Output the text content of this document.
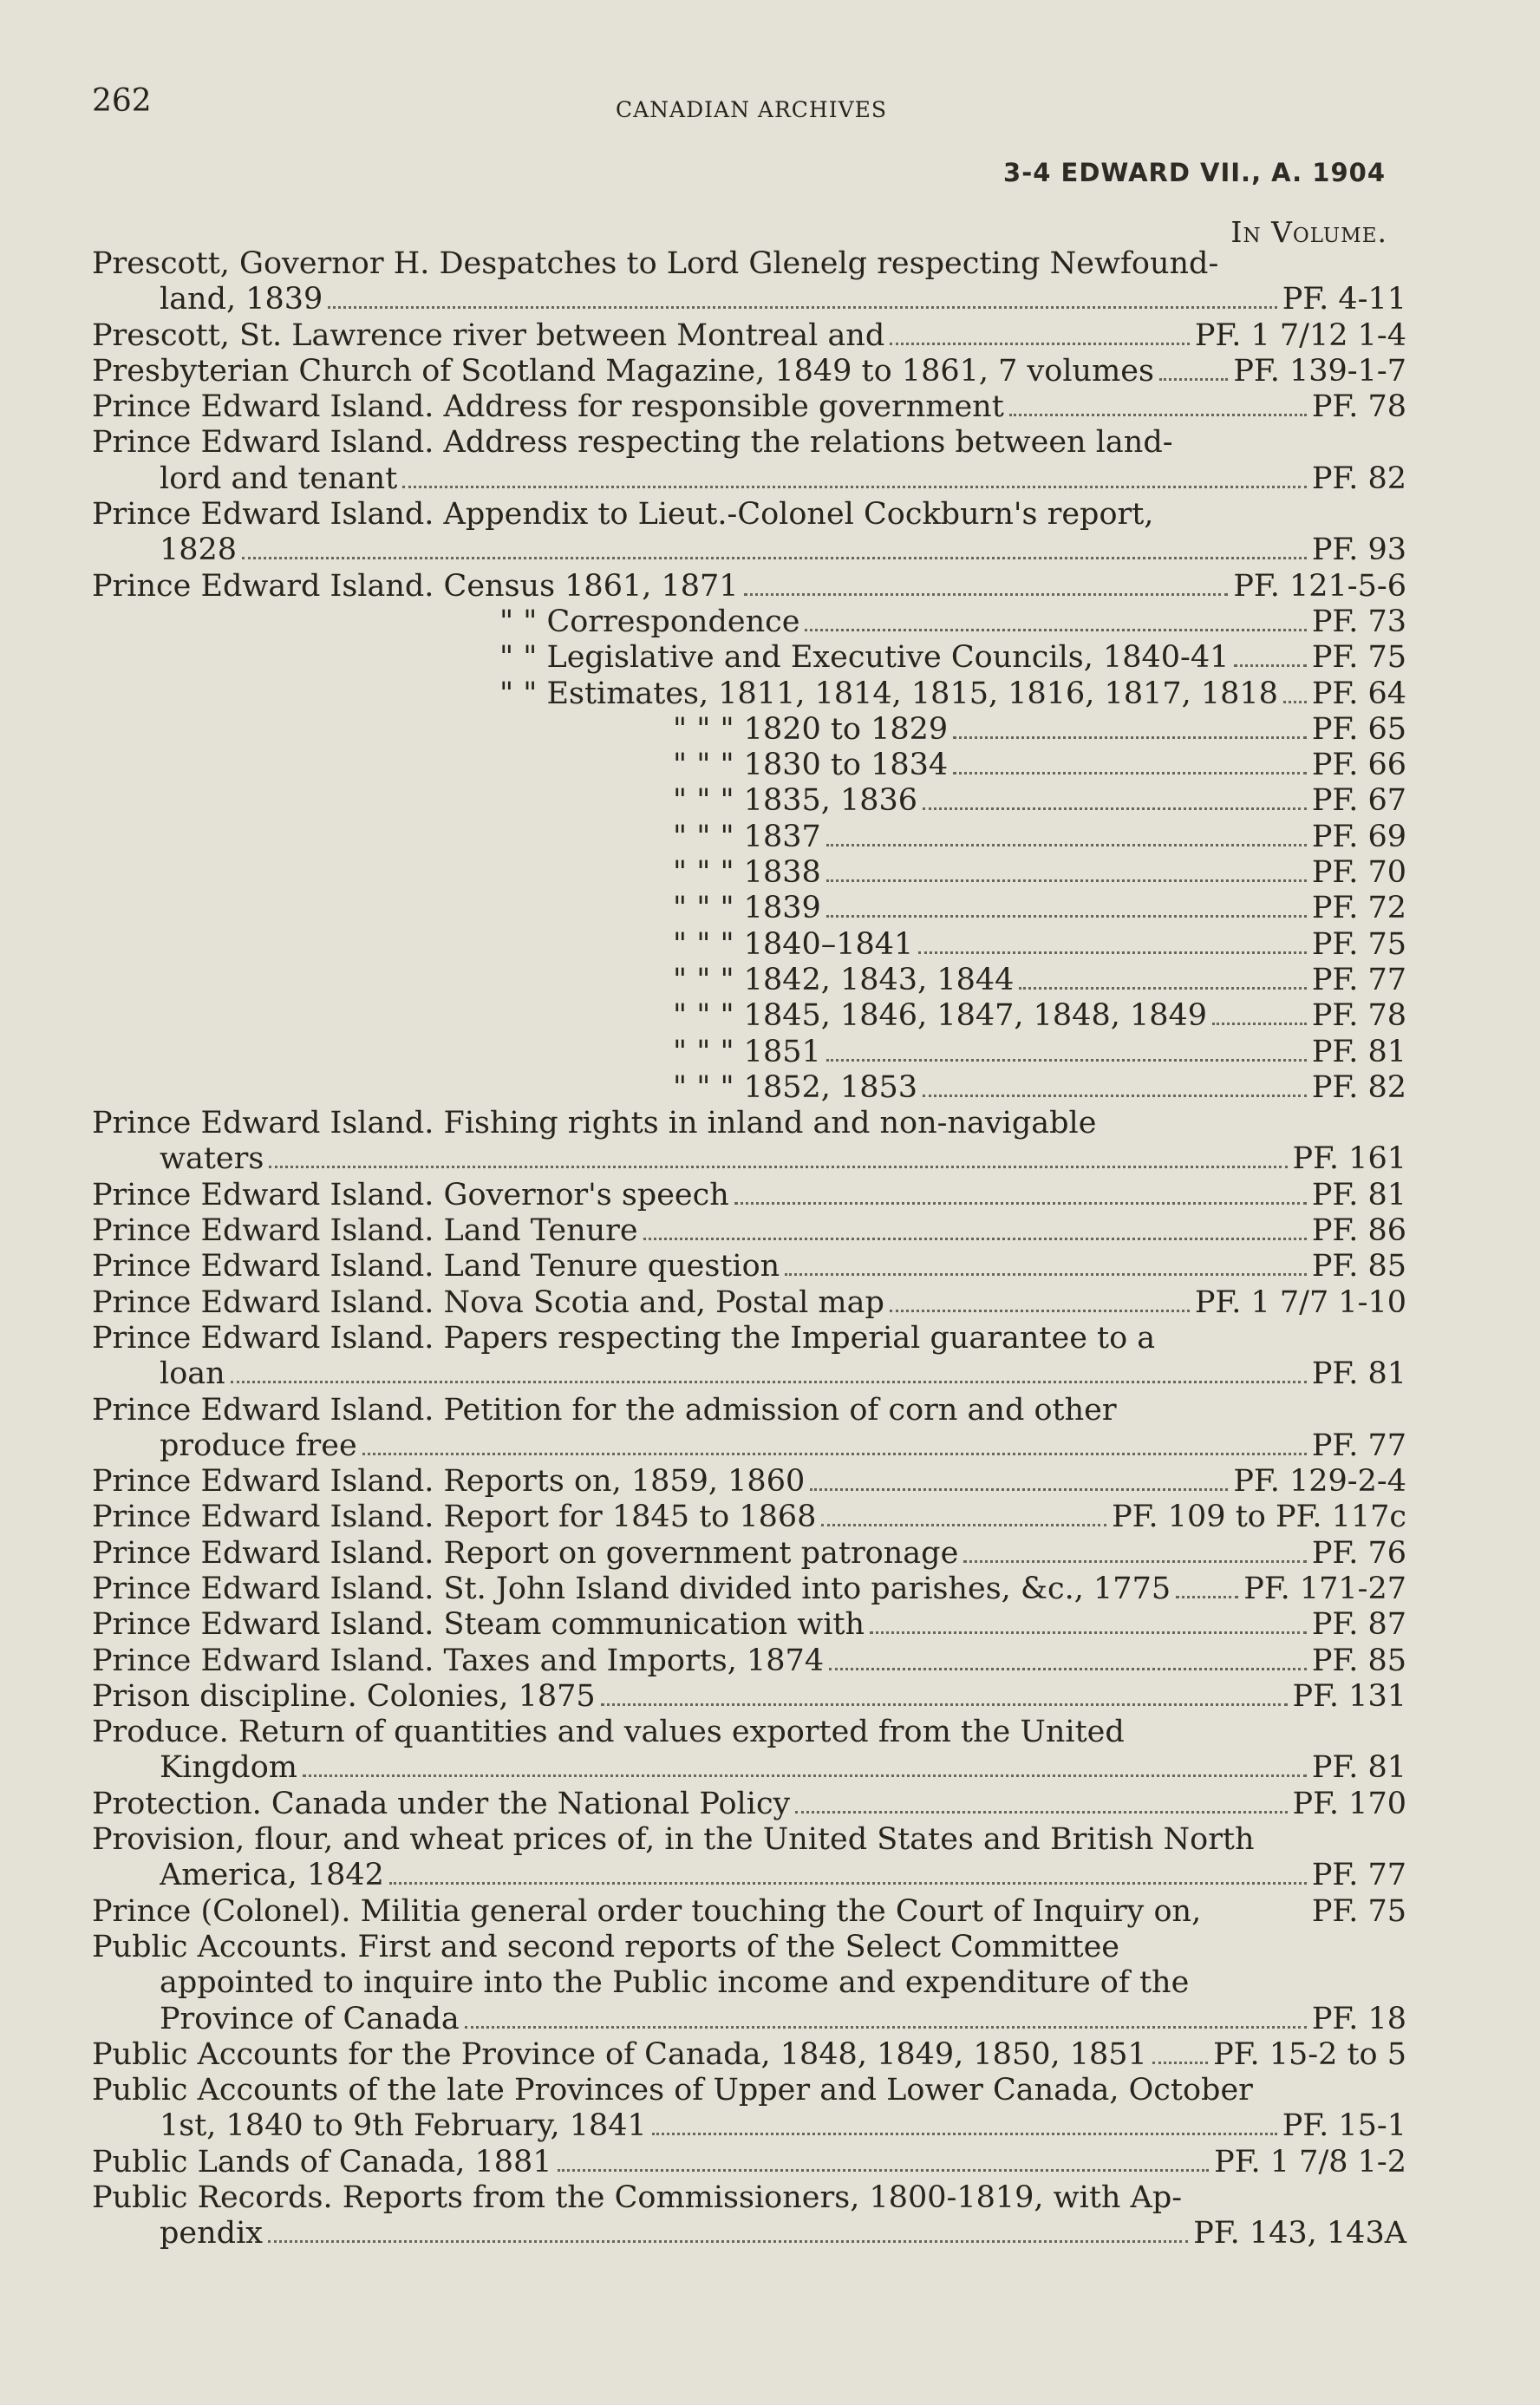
262	CANADIAN ARCHIVES
3-4 EDWARD VII., A. 1904
In Volume.
Prescott, Governor H. Despatches to Lord Glenelg respecting Newfound-
land, 1839	PF. 4-11
Prescott, St. Lawrence river between Montreal and	PF. 1 7/12 1-4
Presbyterian Church of Scotland Magazine, 1849 to 1861, 7 volumes	PF. 139-1-7
Prince Edward Island. Address for responsible government	PF. 78
Prince Edward Island. Address respecting the relations between land-
lord and tenant	PF. 82
Prince Edward Island. Appendix to Lieut.-Colonel Cockburn's report,
1828	PF. 93
Prince Edward Island. Census 1861, 1871	PF. 121-5-6
" " Correspondence	PF. 73
" " Legislative and Executive Councils, 1840-41	PF. 75
" " Estimates, 1811, 1814, 1815, 1816, 1817, 1818 PF. 64
" " " 1820 to 1829	PF. 65
" " " 1830 to 1834	PF. 66
" " " 1835, 1836	PF. 67
" " " 1837	PF. 69
" " " 1838	PF. 70
" " " 1839	PF. 72
" " " 1840–1841	PF. 75
" " " 1842, 1843, 1844	PF. 77
" " " 1845, 1846, 1847, 1848, 1849	PF. 78
" " " 1851	PF. 81
" " " 1852, 1853	PF. 82
Prince Edward Island. Fishing rights in inland and non-navigable
waters	PF. 161
Prince Edward Island. Governor's speech	PF. 81
Prince Edward Island. Land Tenure	PF. 86
Prince Edward Island. Land Tenure question	PF. 85
Prince Edward Island. Nova Scotia and, Postal map	PF. 1 7/7 1-10
Prince Edward Island. Papers respecting the Imperial guarantee to a
loan	PF. 81
Prince Edward Island. Petition for the admission of corn and other
produce free	PF. 77
Prince Edward Island. Reports on, 1859, 1860	PF. 129-2-4
Prince Edward Island. Report for 1845 to 1868	PF. 109 to PF. 117c
Prince Edward Island. Report on government patronage	PF. 76
Prince Edward Island. St. John Island divided into parishes, &c., 1775 PF. 171-27
Prince Edward Island. Steam communication with	PF. 87
Prince Edward Island. Taxes and Imports, 1874	PF. 85
Prison discipline. Colonies, 1875	PF. 131
Produce. Return of quantities and values exported from the United
Kingdom	PF. 81
Protection. Canada under the National Policy	PF. 170
Provision, flour, and wheat prices of, in the United States and British North
America, 1842	PF. 77
Prince (Colonel). Militia general order touching the Court of Inquiry on,	PF. 75
Public Accounts. First and second reports of the Select Committee
appointed to inquire into the Public income and expenditure of the
Province of Canada	PF. 18
Public Accounts for the Province of Canada, 1848, 1849, 1850, 1851 PF. 15-2 to 5
Public Accounts of the late Provinces of Upper and Lower Canada, October
1st, 1840 to 9th February, 1841	PF. 15-1
Public Lands of Canada, 1881	PF. 1 7/8 1-2
Public Records. Reports from the Commissioners, 1800-1819, with Ap-
pendix	PF. 143, 143A
